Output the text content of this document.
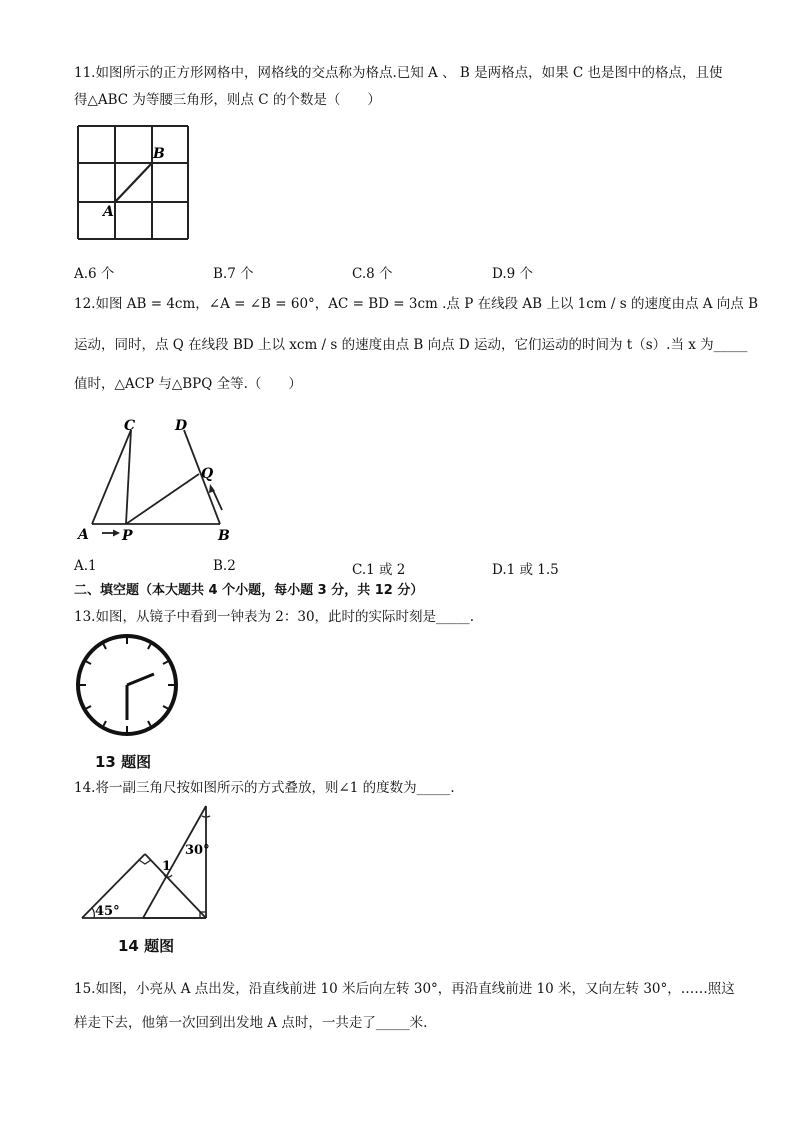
11.如图所示的正方形网格中，网格线的交点称为格点.已知 A 、 B 是两格点，如果 C 也是图中的格点，且使
得△ABC 为等腰三角形，则点 C 的个数是（　　）
B
A
A.6 个	B.7 个	C.8 个	D.9 个
12.如图 AB = 4cm，∠A = ∠B = 60°，AC = BD = 3cm .点 P 在线段 AB 上以 1cm / s 的速度由点 A 向点 B
运动，同时，点 Q 在线段 BD 上以 xcm / s 的速度由点 B 向点 D 运动，它们运动的时间为 t（s）.当 x 为_____
值时，△ACP 与△BPQ 全等.（　　）
C	D
Q
A P	B
A.1	B.2	C.1 或 2	D.1 或 1.5
二、填空题（本大题共 4 个小题，每小题 3 分，共 12 分）
13.如图，从镜子中看到一钟表为 2：30，此时的实际时刻是_____.
13 题图
14.将一副三角尺按如图所示的方式叠放，则∠1 的度数为_____.
30°
1
45°
14 题图
15.如图，小亮从 A 点出发，沿直线前进 10 米后向左转 30°，再沿直线前进 10 米，又向左转 30°，……照这
样走下去，他第一次回到出发地 A 点时，一共走了_____米.
